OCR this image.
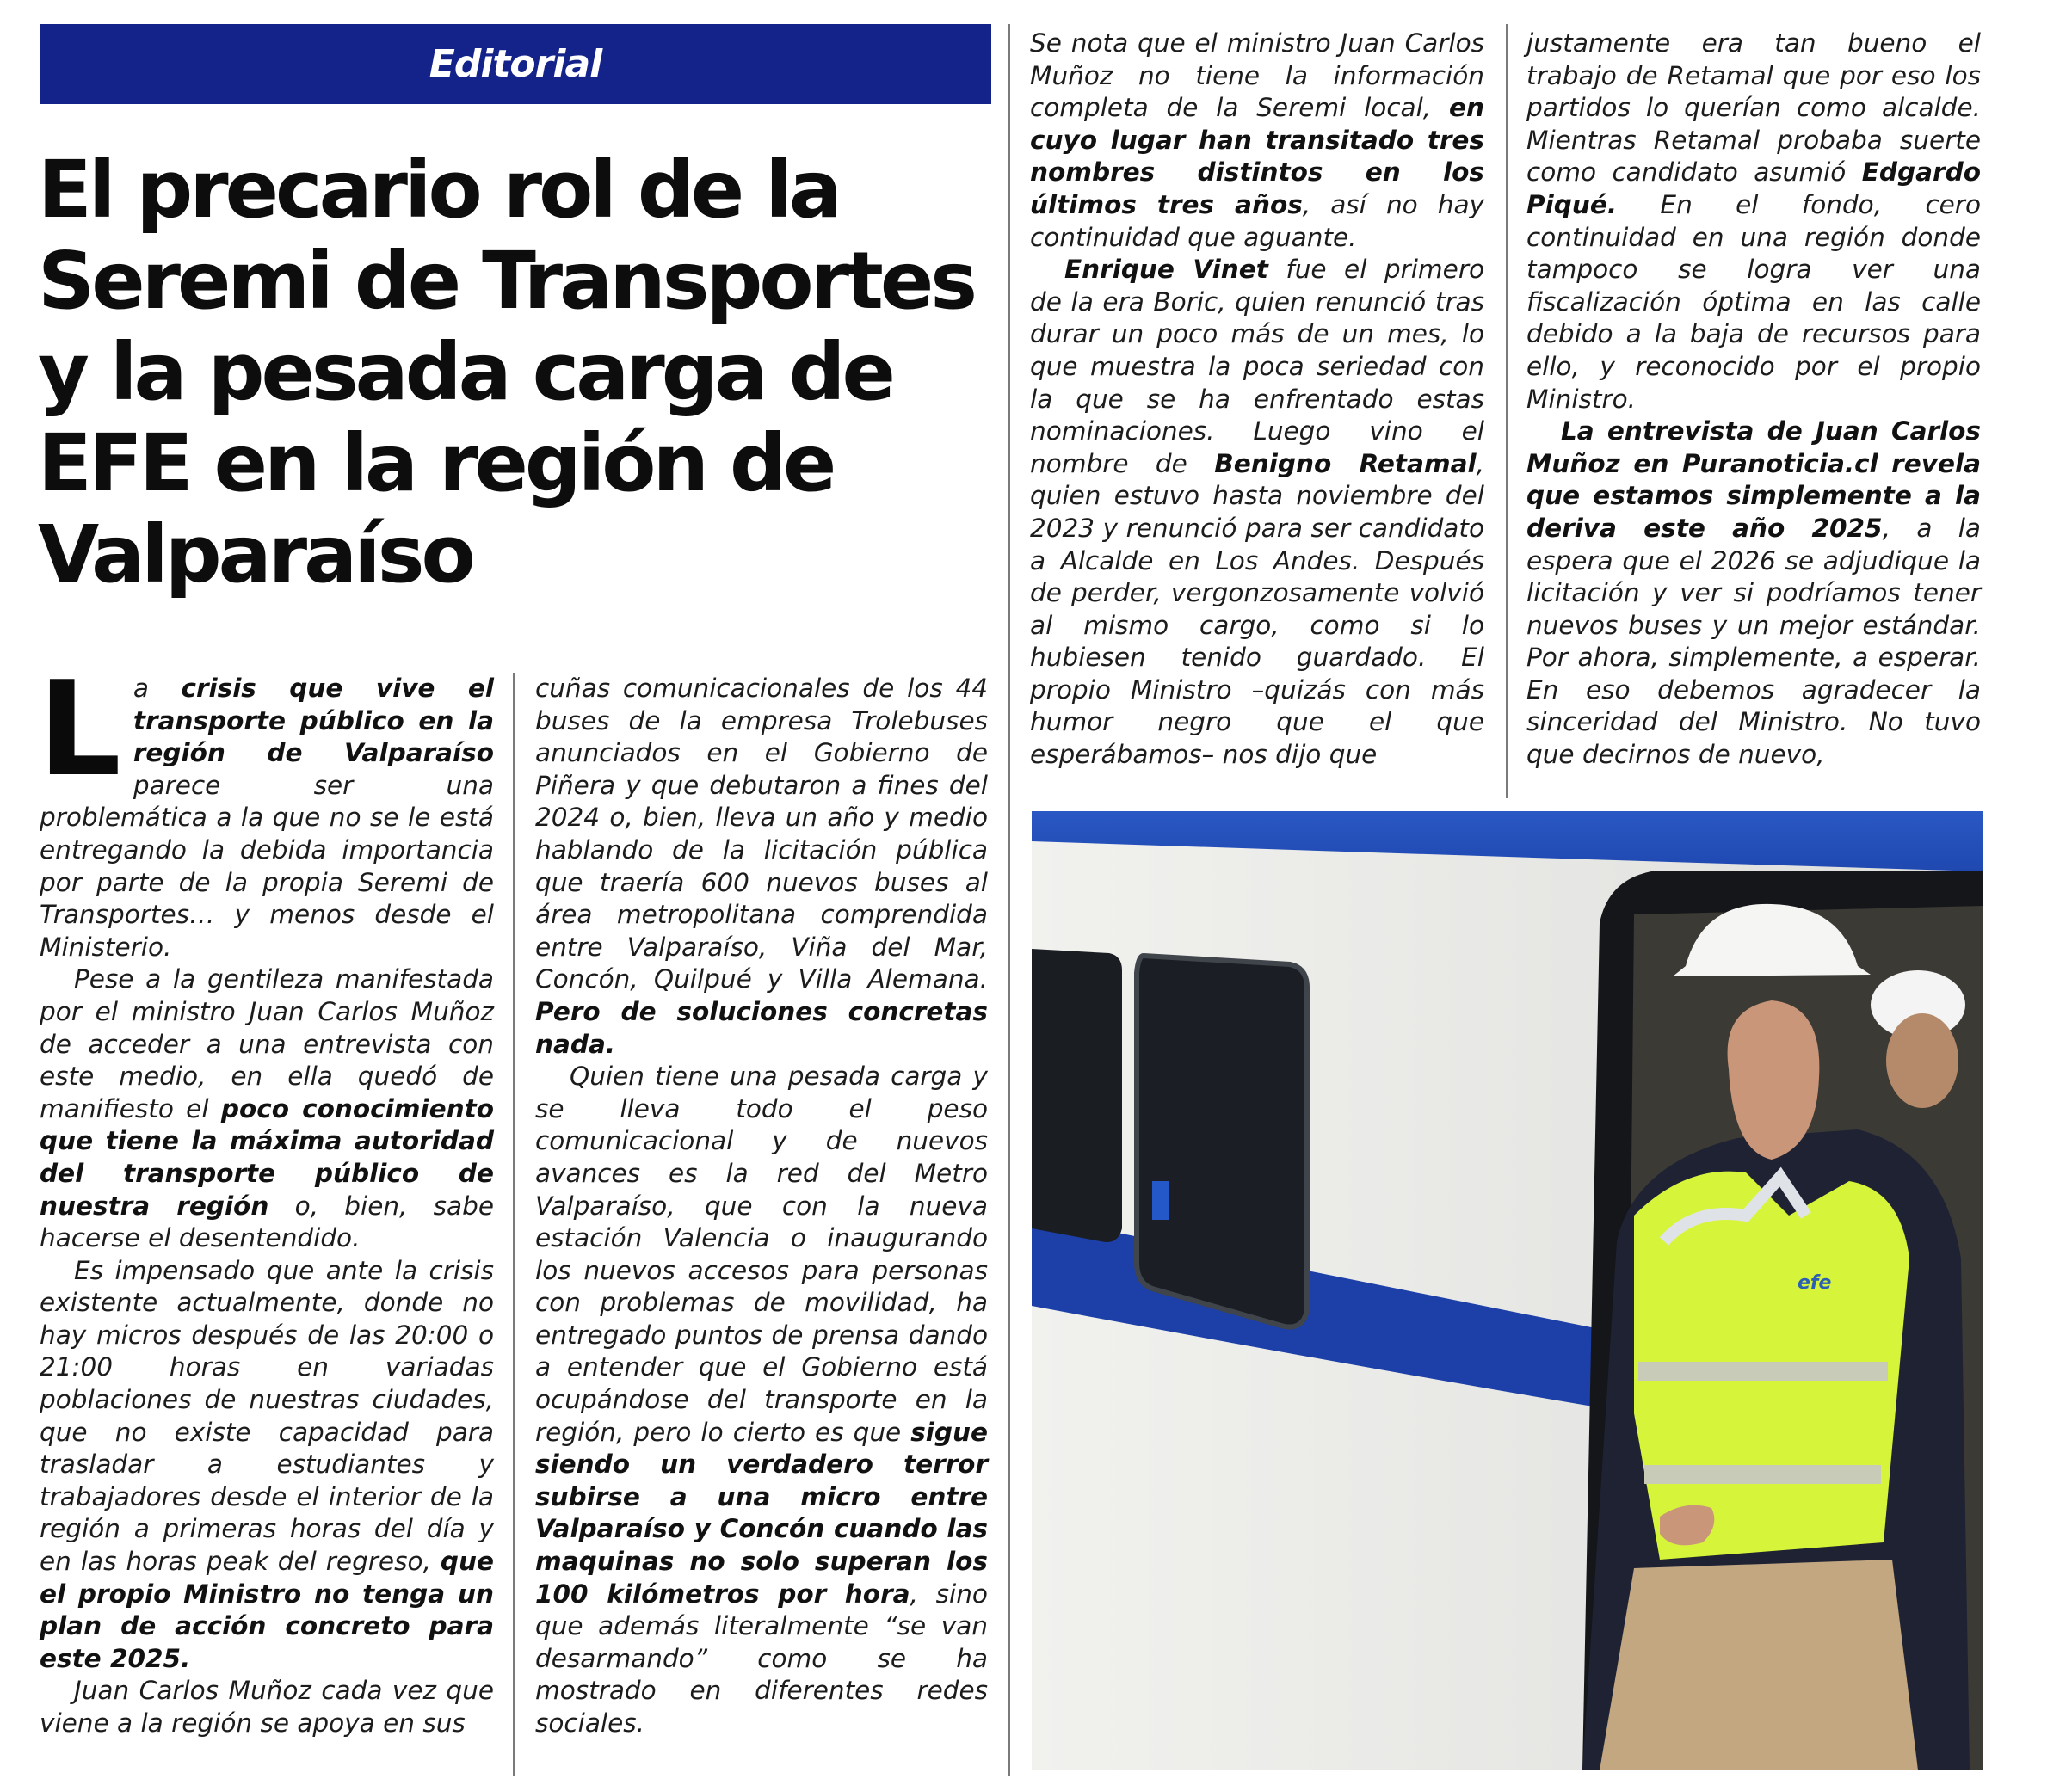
Editorial
El precario rol de la Seremi de Transportes y la pesada carga de EFE en la región de Valparaíso

La crisis que vive el transporte público en la región de Valparaíso parece ser una problemática a la que no se le está entregando la debida importancia por parte de la propia Seremi de Transportes… y menos desde el Ministerio.

Pese a la gentileza manifestada por el ministro Juan Carlos Muñoz de acceder a una entrevista con este medio, en ella quedó de manifiesto el poco conocimiento que tiene la máxima autoridad del transporte público de nuestra región o, bien, sabe hacerse el desentendido.

Es impensado que ante la crisis existente actualmente, donde no hay micros después de las 20:00 o 21:00 horas en variadas poblaciones de nuestras ciudades, que no existe capacidad para trasladar a estudiantes y trabajadores desde el interior de la región a primeras horas del día y en las horas peak del regreso, que el propio Ministro no tenga un plan de acción concreto para este 2025.

Juan Carlos Muñoz cada vez que viene a la región se apoya en sus

cuñas comunicacionales de los 44 buses de la empresa Trolebuses anunciados en el Gobierno de Piñera y que debutaron a fines del 2024 o, bien, lleva un año y medio hablando de la licitación pública que traería 600 nuevos buses al área metropolitana comprendida entre Valparaíso, Viña del Mar, Concón, Quilpué y Villa Alemana. Pero de soluciones concretas nada.

Quien tiene una pesada carga y se lleva todo el peso comunicacional y de nuevos avances es la red del Metro Valparaíso, que con la nueva estación Valencia o inaugurando los nuevos accesos para personas con problemas de movilidad, ha entregado puntos de prensa dando a entender que el Gobierno está ocupándose del transporte en la región, pero lo cierto es que sigue siendo un verdadero terror subirse a una micro entre Valparaíso y Concón cuando las maquinas no solo superan los 100 kilómetros por hora, sino que además literalmente “se van desarmando” como se ha mostrado en diferentes redes sociales.

Se nota que el ministro Juan Carlos Muñoz no tiene la información completa de la Seremi local, en cuyo lugar han transitado tres nombres distintos en los últimos tres años, así no hay continuidad que aguante.

Enrique Vinet fue el primero de la era Boric, quien renunció tras durar un poco más de un mes, lo que muestra la poca seriedad con la que se ha enfrentado estas nominaciones. Luego vino el nombre de Benigno Retamal, quien estuvo hasta noviembre del 2023 y renunció para ser candidato a Alcalde en Los Andes. Después de perder, vergonzosamente volvió al mismo cargo, como si lo hubiesen tenido guardado. El propio Ministro –quizás con más humor negro que el que esperábamos– nos dijo que

justamente era tan bueno el trabajo de Retamal que por eso los partidos lo querían como alcalde. Mientras Retamal probaba suerte como candidato asumió Edgardo Piqué. En el fondo, cero continuidad en una región donde tampoco se logra ver una fiscalización óptima en las calle debido a la baja de recursos para ello, y reconocido por el propio Ministro.

La entrevista de Juan Carlos Muñoz en Puranoticia.cl revela que estamos simplemente a la deriva este año 2025, a la espera que el 2026 se adjudique la licitación y ver si podríamos tener nuevos buses y un mejor estándar. Por ahora, simplemente, a esperar. En eso debemos agradecer la sinceridad del Ministro. No tuvo que decirnos de nuevo,

efe
